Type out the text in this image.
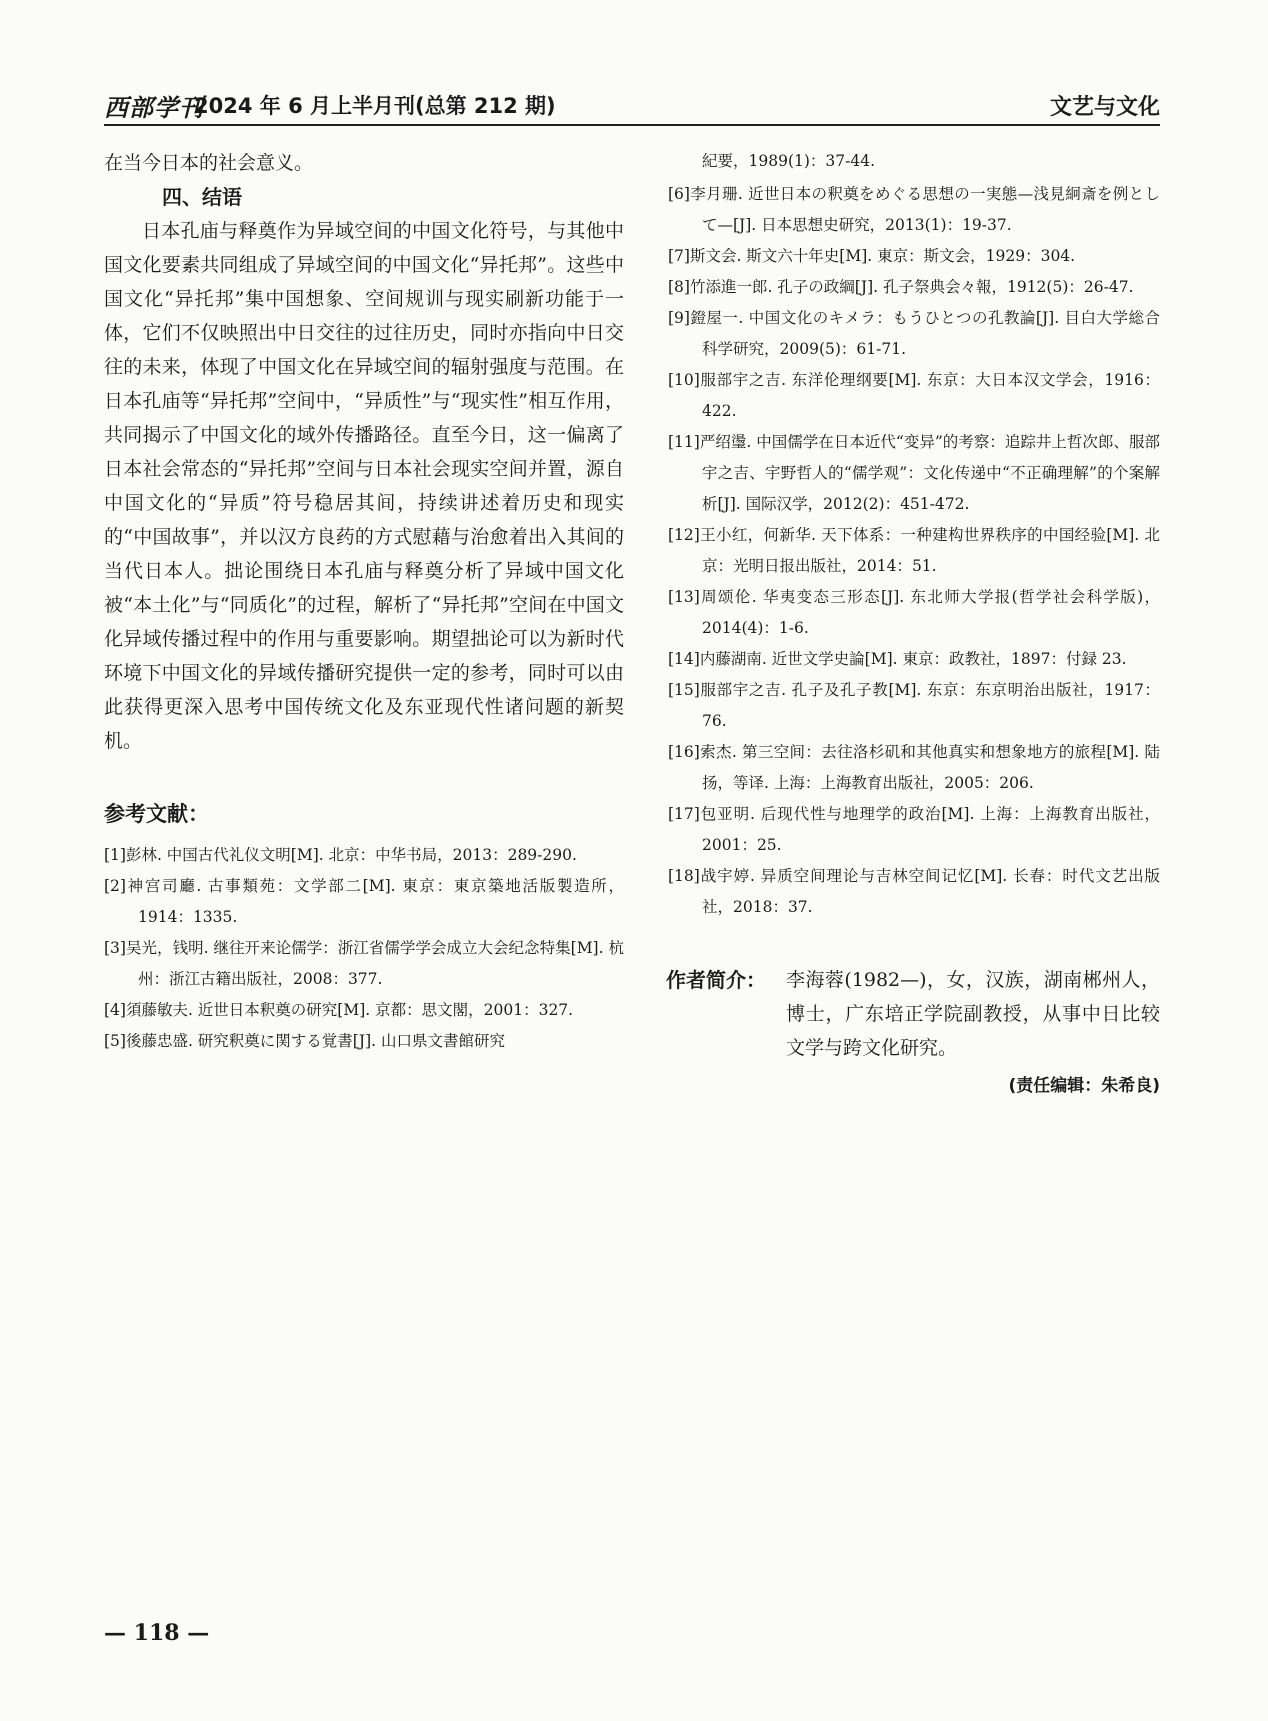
西部学刊
2024 年 6 月上半月刊(总第 212 期)	文艺与文化

在当今日本的社会意义。

四、结语

日本孔庙与释奠作为异域空间的中国文化符号，与其他中国文化要素共同组成了异域空间的中国文化“异托邦”。这些中国文化“异托邦”集中国想象、空间规训与现实刷新功能于一体，它们不仅映照出中日交往的过往历史，同时亦指向中日交往的未来，体现了中国文化在异域空间的辐射强度与范围。在日本孔庙等“异托邦”空间中，“异质性”与“现实性”相互作用，共同揭示了中国文化的域外传播路径。直至今日，这一偏离了日本社会常态的“异托邦”空间与日本社会现实空间并置，源自中国文化的“异质”符号稳居其间，持续讲述着历史和现实的“中国故事”，并以汉方良药的方式慰藉与治愈着出入其间的当代日本人。拙论围绕日本孔庙与释奠分析了异域中国文化被“本土化”与“同质化”的过程，解析了“异托邦”空间在中国文化异域传播过程中的作用与重要影响。期望拙论可以为新时代环境下中国文化的异域传播研究提供一定的参考，同时可以由此获得更深入思考中国传统文化及东亚现代性诸问题的新契机。

参考文献：

[1]彭林. 中国古代礼仪文明[M]. 北京：中华书局，2013：289-290.

[2]神宫司廳. 古事類苑：文学部二[M]. 東京：東京築地活版製造所，1914：1335.

[3]吴光，钱明. 继往开来论儒学：浙江省儒学学会成立大会纪念特集[M]. 杭州：浙江古籍出版社，2008：377.

[4]須藤敏夫. 近世日本釈奠の研究[M]. 京都：思文閣，2001：327.

[5]後藤忠盛. 研究釈奠に関する覚書[J]. 山口県文書館研究

紀要，1989(1)：37-44.

[6]李月珊. 近世日本の釈奠をめぐる思想の一実態—浅見絅斎を例として—[J]. 日本思想史研究，2013(1)：19-37.

[7]斯文会. 斯文六十年史[M]. 東京：斯文会，1929：304.

[8]竹添進一郎. 孔子の政綱[J]. 孔子祭典会々報，1912(5)：26-47.

[9]鐙屋一. 中国文化のキメラ：もうひとつの孔教論[J]. 目白大学総合科学研究，2009(5)：61-71.

[10]服部宇之吉. 东洋伦理纲要[M]. 东京：大日本汉文学会，1916：422.

[11]严绍璗. 中国儒学在日本近代“变异”的考察：追踪井上哲次郎、服部宇之吉、宇野哲人的“儒学观”：文化传递中“不正确理解”的个案解析[J]. 国际汉学，2012(2)：451-472.

[12]王小红，何新华. 天下体系：一种建构世界秩序的中国经验[M]. 北京：光明日报出版社，2014：51.

[13]周颂伦. 华夷变态三形态[J]. 东北师大学报(哲学社会科学版)，2014(4)：1-6.

[14]内藤湖南. 近世文学史論[M]. 東京：政教社，1897：付録 23.

[15]服部宇之吉. 孔子及孔子教[M]. 东京：东京明治出版社，1917：76.

[16]索杰. 第三空间：去往洛杉矶和其他真实和想象地方的旅程[M]. 陆扬，等译. 上海：上海教育出版社，2005：206.

[17]包亚明. 后现代性与地理学的政治[M]. 上海：上海教育出版社，2001：25.

[18]战宇婷. 异质空间理论与吉林空间记忆[M]. 长春：时代文艺出版社，2018：37.

作者简介： 李海蓉(1982—)，女，汉族，湖南郴州人，博士，广东培正学院副教授，从事中日比较文学与跨文化研究。

(责任编辑：朱希良)
— 118 —
